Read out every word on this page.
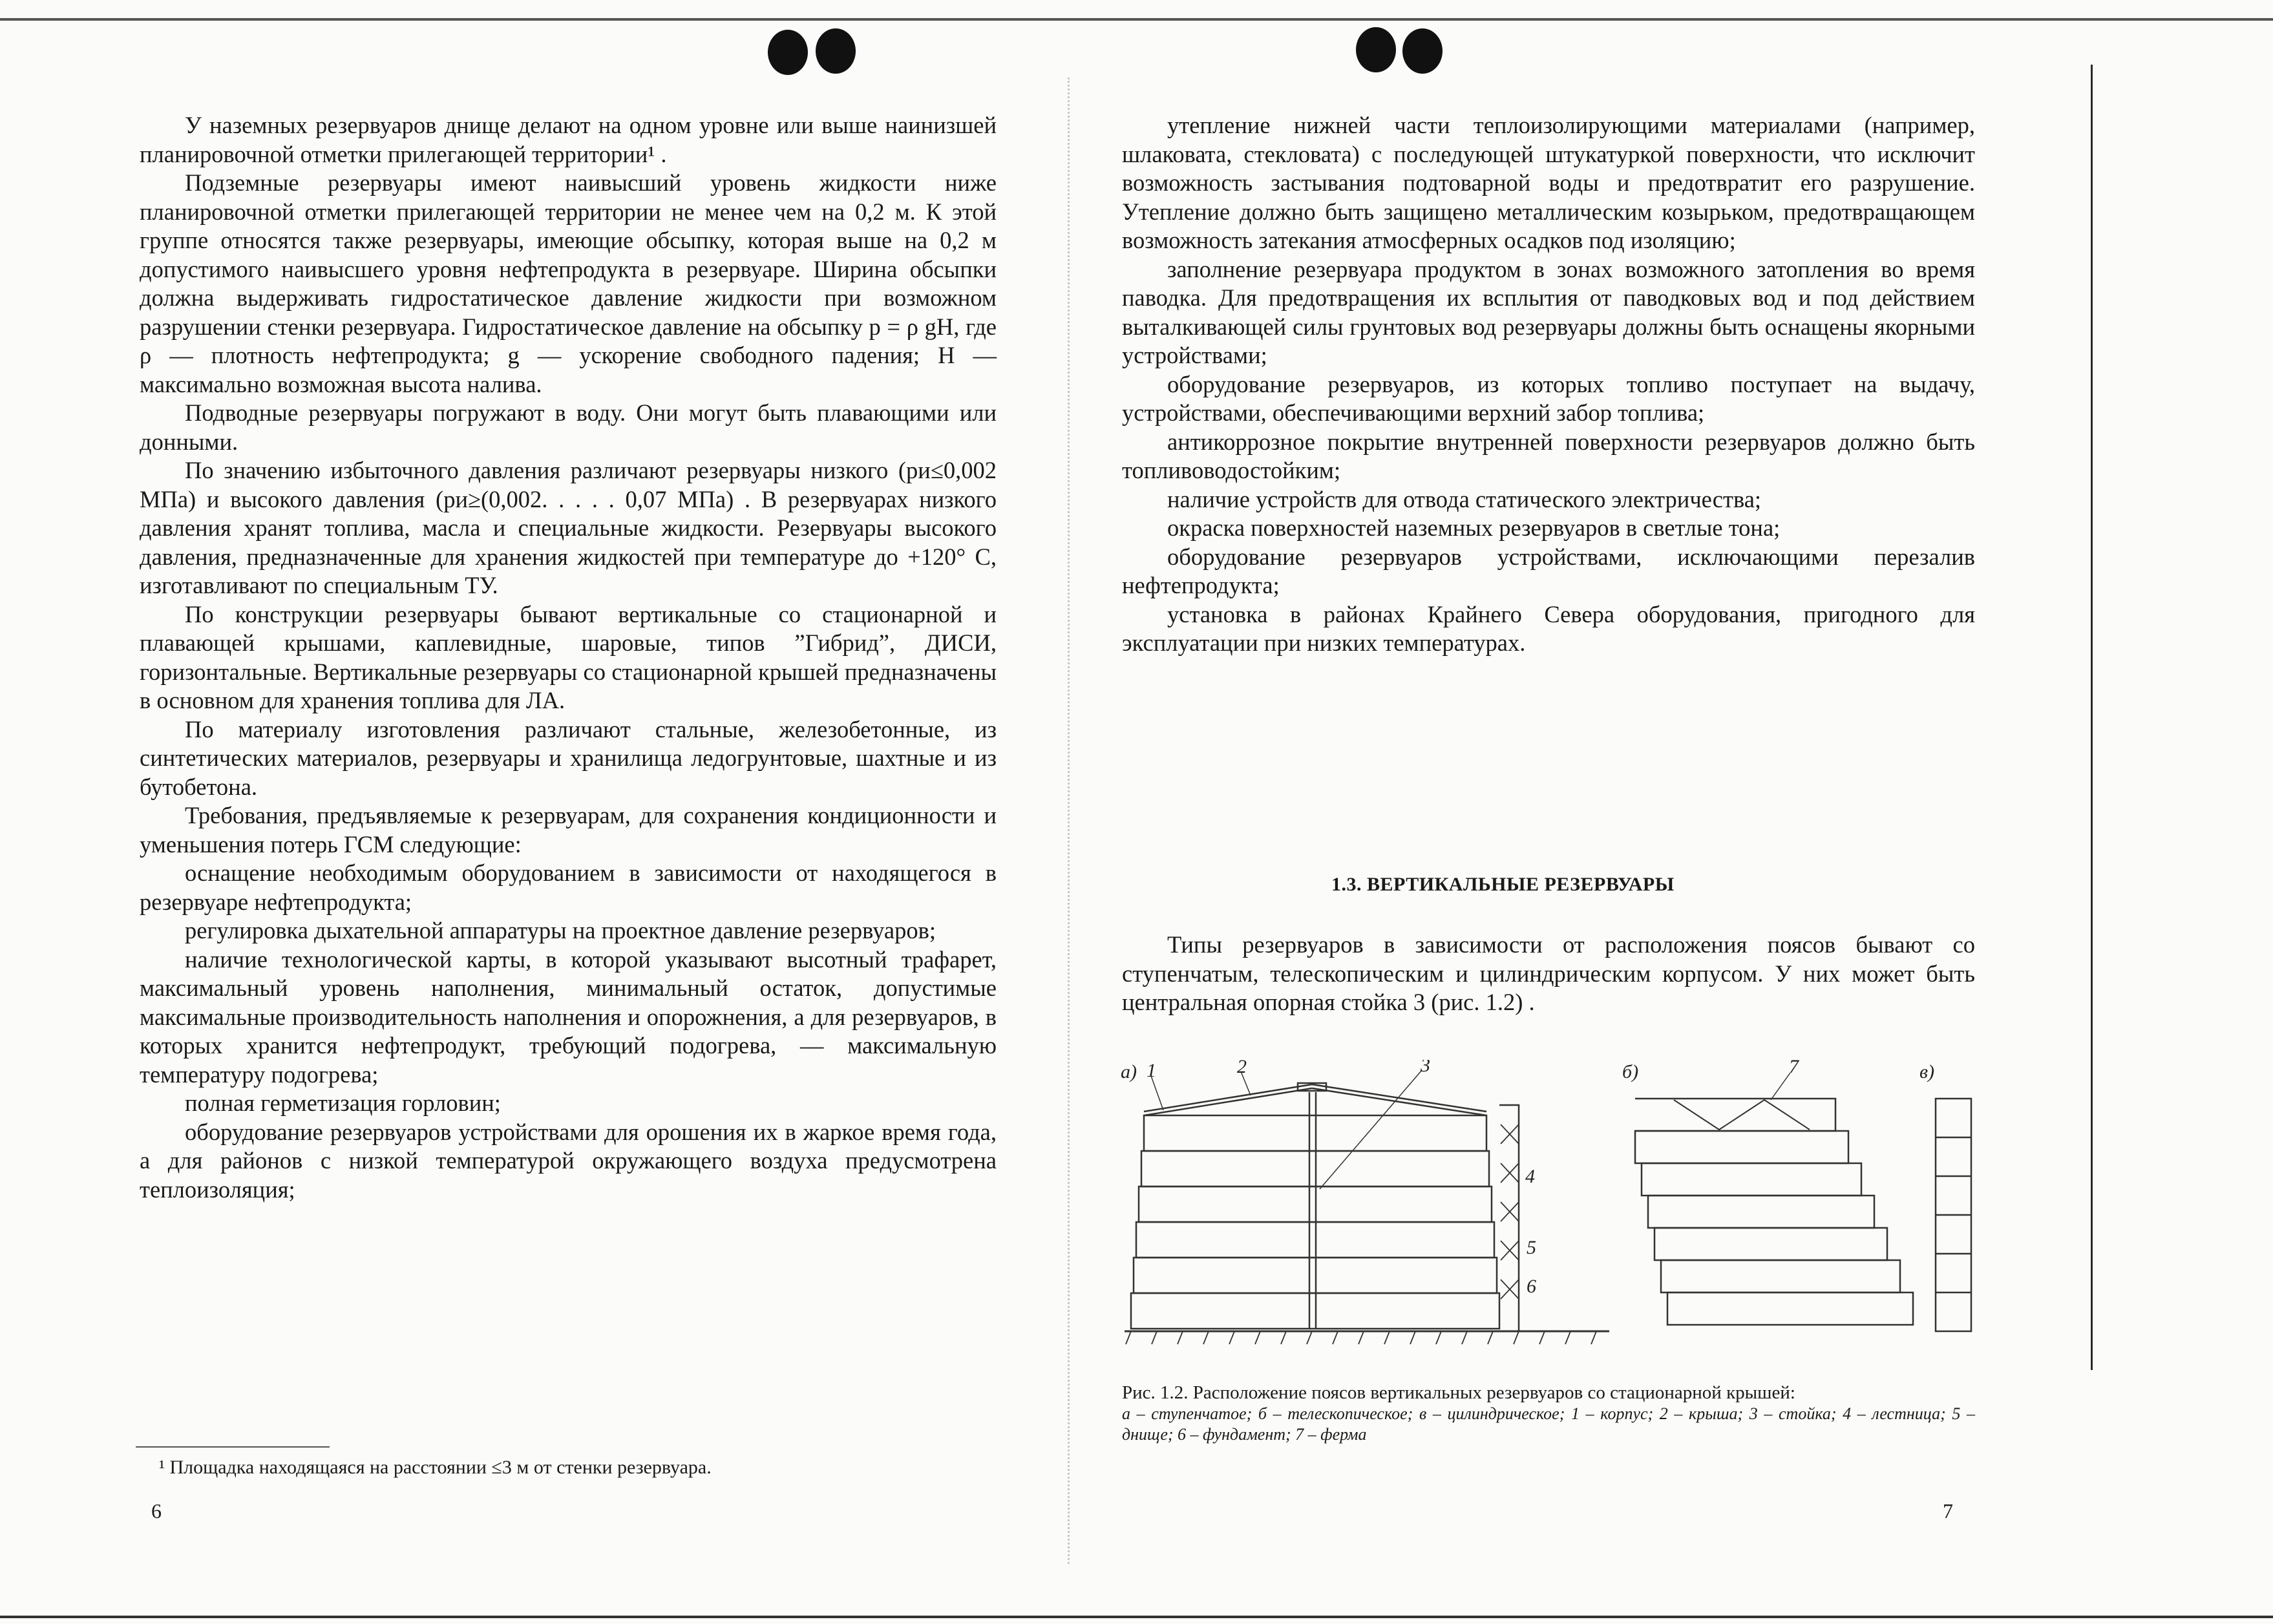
У наземных резервуаров днище делают на одном уровне или выше наинизшей планировочной отметки прилегающей территории¹ .

Подземные резервуары имеют наивысший уровень жидкости ниже планировочной отметки прилегающей территории не менее чем на 0,2 м. К этой группе относятся также резервуары, имеющие обсыпку, которая выше на 0,2 м допустимого наивысшего уровня нефтепродукта в резервуаре. Ширина обсыпки должна выдерживать гидростатическое давление жидкости при возможном разрушении стенки резервуара. Гидростатическое давление на обсыпку p = ρ gH, где ρ — плотность нефтепродукта; g — ускорение свободного падения; H — максимально возможная высота налива.

Подводные резервуары погружают в воду. Они могут быть плавающими или донными.

По значению избыточного давления различают резервуары низкого (pи≤0,002 МПа) и высокого давления (pи≥(0,002. . . . . 0,07 МПа) . В резервуарах низкого давления хранят топлива, масла и специальные жидкости. Резервуары высокого давления, предназначенные для хранения жидкостей при температуре до +120° С, изготавливают по специальным ТУ.

По конструкции резервуары бывают вертикальные со стационарной и плавающей крышами, каплевидные, шаровые, типов ”Гибрид”, ДИСИ, горизонтальные. Вертикальные резервуары со стационарной крышей предназначены в основном для хранения топлива для ЛА.

По материалу изготовления различают стальные, железобетонные, из синтетических материалов, резервуары и хранилища ледогрунтовые, шахтные и из бутобетона.

Требования, предъявляемые к резервуарам, для сохранения кондиционности и уменьшения потерь ГСМ следующие:

оснащение необходимым оборудованием в зависимости от находящегося в резервуаре нефтепродукта;

регулировка дыхательной аппаратуры на проектное давление резервуаров;

наличие технологической карты, в которой указывают высотный трафарет, максимальный уровень наполнения, минимальный остаток, допустимые максимальные производительность наполнения и опорожнения, а для резервуаров, в которых хранится нефтепродукт, требующий подогрева, — максимальную температуру подогрева;

полная герметизация горловин;

оборудование резервуаров устройствами для орошения их в жаркое время года, а для районов с низкой температурой окружающего воздуха предусмотрена теплоизоляция;

¹ Площадка находящаяся на расстоянии ≤3 м от стенки резервуара.
6

утепление нижней части теплоизолирующими материалами (например, шлаковата, стекловата) с последующей штукатуркой поверхности, что исключит возможность застывания подтоварной воды и предотвратит его разрушение. Утепление должно быть защищено металлическим козырьком, предотвращающем возможность затекания атмосферных осадков под изоляцию;

заполнение резервуара продуктом в зонах возможного затопления во время паводка. Для предотвращения их всплытия от паводковых вод и под действием выталкивающей силы грунтовых вод резервуары должны быть оснащены якорными устройствами;

оборудование резервуаров, из которых топливо поступает на выдачу, устройствами, обеспечивающими верхний забор топлива;

антикоррозное покрытие внутренней поверхности резервуаров должно быть топливоводостойким;

наличие устройств для отвода статического электричества;

окраска поверхностей наземных резервуаров в светлые тона;

оборудование резервуаров устройствами, исключающими перезалив нефтепродукта;

установка в районах Крайнего Севера оборудования, пригодного для эксплуатации при низких температурах.

1.3. ВЕРТИКАЛЬНЫЕ РЕЗЕРВУАРЫ

Типы резервуаров в зависимости от расположения поясов бывают со ступенчатым, телескопическим и цилиндрическим корпусом. У них может быть центральная опорная стойка 3 (рис. 1.2) .

а)	б)	в)
1	2	3
4
5
6
7
Рис. 1.2. Расположение поясов вертикальных резервуаров со стационарной крышей:
а – ступенчатое; б – телескопическое; в – цилиндрическое; 1 – корпус; 2 – крыша; 3 – стойка; 4 – лестница; 5 – днище; 6 – фундамент; 7 – ферма
7
